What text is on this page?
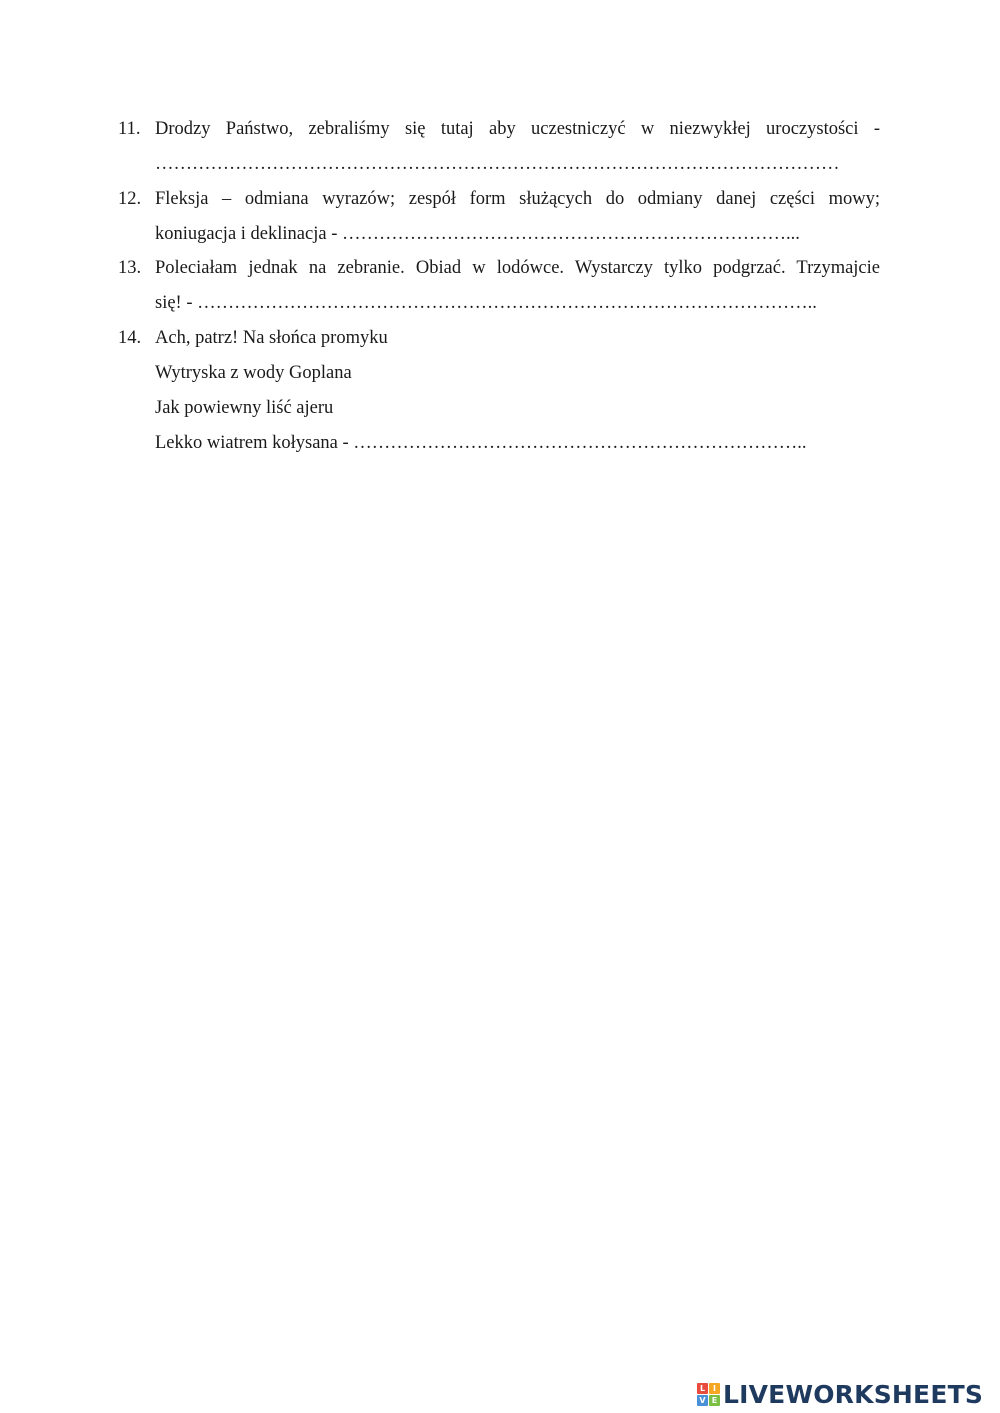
11. Drodzy Państwo, zebraliśmy się tutaj aby uczestniczyć w niezwykłej uroczystości -
…………………………………………………………………………………………………
12. Fleksja – odmiana wyrazów; zespół form służących do odmiany danej części mowy;
koniugacja i deklinacja - ………………………………………………………………...
13. Poleciałam jednak na zebranie. Obiad w lodówce. Wystarczy tylko podgrzać. Trzymajcie
się! - ………………………………………………………………………………………..
14. Ach, patrz! Na słońca promyku
Wytryska z wody Goplana
Jak powiewny liść ajeru
Lekko wiatrem kołysana - ………………………………………………………………..
L I
V E LIVEWORKSHEETS
